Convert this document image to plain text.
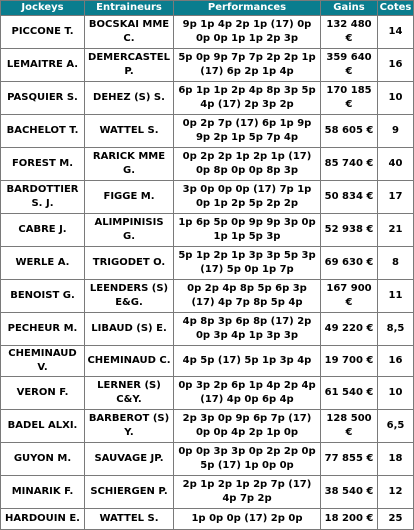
Jockeys	Entraineurs	Performances	Gains	Cotes
PICCONE T.	BOCSKAI MME C.	9p 1p 4p 2p 1p (17) 0p 0p 0p 1p 1p 2p 3p	132 480 €	14
LEMAITRE A.	DEMERCASTEL P.	5p 0p 9p 7p 7p 2p 2p 1p (17) 6p 2p 1p 4p	359 640 €	16
PASQUIER S.	DEHEZ (S) S.	6p 1p 1p 2p 4p 8p 3p 5p 4p (17) 2p 3p 2p	170 185 €	10
BACHELOT T.	WATTEL S.	0p 2p 7p (17) 6p 1p 9p 9p 2p 1p 5p 7p 4p	58 605 €	9
FOREST M.	RARICK MME G.	0p 2p 2p 1p 2p 1p (17) 0p 8p 0p 0p 8p 3p	85 740 €	40
BARDOTTIER S. J.	FIGGE M.	3p 0p 0p 0p (17) 7p 1p 0p 1p 2p 5p 2p 2p	50 834 €	17
CABRE J.	ALIMPINISIS G.	1p 6p 5p 0p 9p 9p 3p 0p 1p 1p 5p 3p	52 938 €	21
WERLE A.	TRIGODET O.	5p 1p 2p 1p 3p 3p 5p 3p (17) 5p 0p 1p 7p	69 630 €	8
BENOIST G.	LEENDERS (S) E&G.	0p 2p 4p 8p 5p 6p 3p (17) 4p 7p 8p 5p 4p	167 900 €	11
PECHEUR M.	LIBAUD (S) E.	4p 8p 3p 6p 8p (17) 2p 0p 3p 4p 1p 3p 3p	49 220 €	8,5
CHEMINAUD V.	CHEMINAUD C.	4p 5p (17) 5p 1p 3p 4p	19 700 €	16
VERON F.	LERNER (S) C&Y.	0p 3p 2p 6p 1p 4p 2p 4p (17) 4p 0p 6p 4p	61 540 €	10
BADEL ALXI.	BARBEROT (S) Y.	2p 3p 0p 9p 6p 7p (17) 0p 0p 4p 2p 1p 0p	128 500 €	6,5
GUYON M.	SAUVAGE JP.	0p 0p 3p 3p 0p 2p 2p 0p 5p (17) 1p 0p 0p	77 855 €	18
MINARIK F.	SCHIERGEN P.	2p 1p 2p 1p 2p 7p (17) 4p 7p 2p	38 540 €	12
HARDOUIN E.	WATTEL S.	1p 0p 0p (17) 2p 0p	18 200 €	25
